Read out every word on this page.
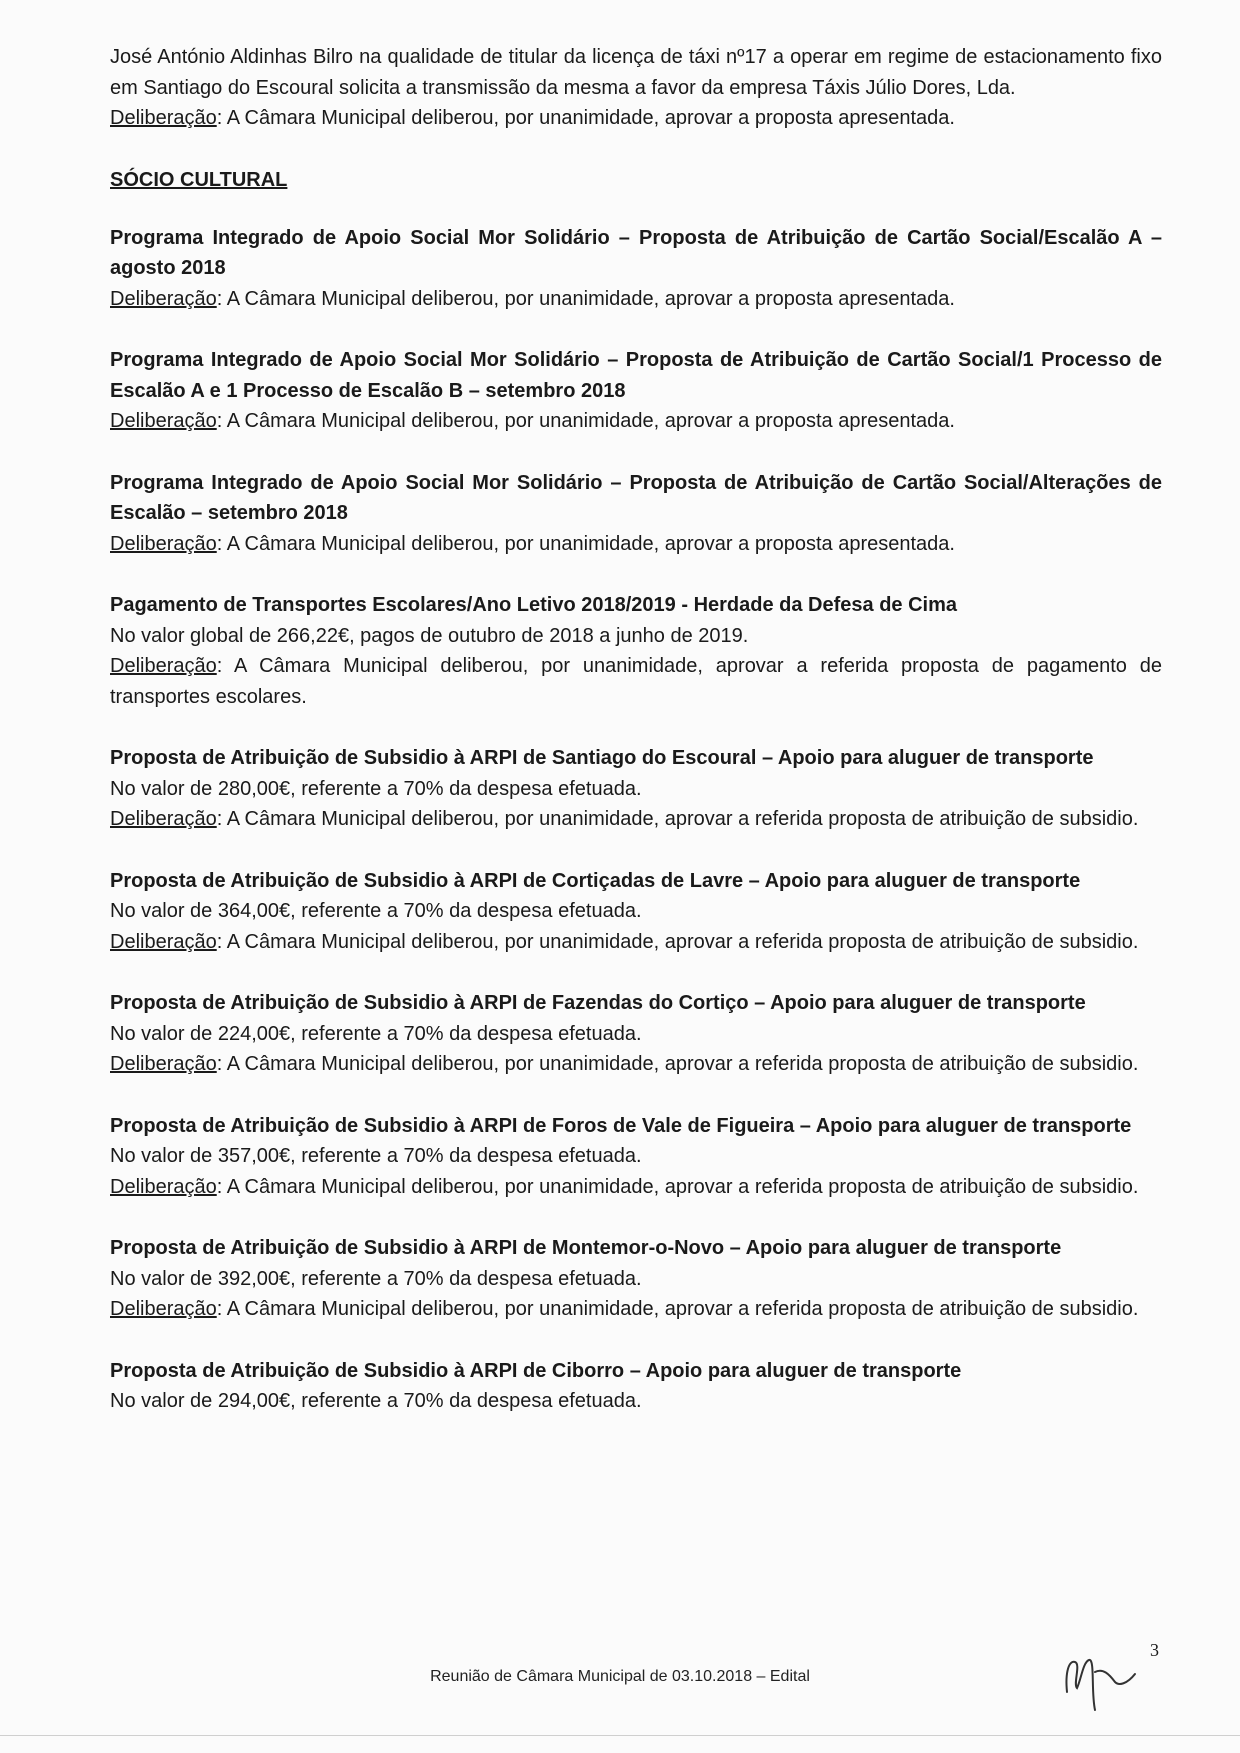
José António Aldinhas Bilro na qualidade de titular da licença de táxi nº17 a operar em regime de estacionamento fixo em Santiago do Escoural solicita a transmissão da mesma a favor da empresa Táxis Júlio Dores, Lda.

Deliberação: A Câmara Municipal deliberou, por unanimidade, aprovar a proposta apresentada.

SÓCIO CULTURAL

Programa Integrado de Apoio Social Mor Solidário – Proposta de Atribuição de Cartão Social/Escalão A – agosto 2018

Deliberação: A Câmara Municipal deliberou, por unanimidade, aprovar a proposta apresentada.

Programa Integrado de Apoio Social Mor Solidário – Proposta de Atribuição de Cartão Social/1 Processo de Escalão A e 1 Processo de Escalão B – setembro 2018

Deliberação: A Câmara Municipal deliberou, por unanimidade, aprovar a proposta apresentada.

Programa Integrado de Apoio Social Mor Solidário – Proposta de Atribuição de Cartão Social/Alterações de Escalão – setembro 2018

Deliberação: A Câmara Municipal deliberou, por unanimidade, aprovar a proposta apresentada.

Pagamento de Transportes Escolares/Ano Letivo 2018/2019 - Herdade da Defesa de Cima

No valor global de 266,22€, pagos de outubro de 2018 a junho de 2019.

Deliberação: A Câmara Municipal deliberou, por unanimidade, aprovar a referida proposta de pagamento de transportes escolares.

Proposta de Atribuição de Subsidio à ARPI de Santiago do Escoural – Apoio para aluguer de transporte

No valor de 280,00€, referente a 70% da despesa efetuada.

Deliberação: A Câmara Municipal deliberou, por unanimidade, aprovar a referida proposta de atribuição de subsidio.

Proposta de Atribuição de Subsidio à ARPI de Cortiçadas de Lavre – Apoio para aluguer de transporte

No valor de 364,00€, referente a 70% da despesa efetuada.

Deliberação: A Câmara Municipal deliberou, por unanimidade, aprovar a referida proposta de atribuição de subsidio.

Proposta de Atribuição de Subsidio à ARPI de Fazendas do Cortiço – Apoio para aluguer de transporte

No valor de 224,00€, referente a 70% da despesa efetuada.

Deliberação: A Câmara Municipal deliberou, por unanimidade, aprovar a referida proposta de atribuição de subsidio.

Proposta de Atribuição de Subsidio à ARPI de Foros de Vale de Figueira – Apoio para aluguer de transporte

No valor de 357,00€, referente a 70% da despesa efetuada.

Deliberação: A Câmara Municipal deliberou, por unanimidade, aprovar a referida proposta de atribuição de subsidio.

Proposta de Atribuição de Subsidio à ARPI de Montemor-o-Novo – Apoio para aluguer de transporte

No valor de 392,00€, referente a 70% da despesa efetuada.

Deliberação: A Câmara Municipal deliberou, por unanimidade, aprovar a referida proposta de atribuição de subsidio.

Proposta de Atribuição de Subsidio à ARPI de Ciborro – Apoio para aluguer de transporte

No valor de 294,00€, referente a 70% da despesa efetuada.

3
Reunião de Câmara Municipal de 03.10.2018 – Edital
